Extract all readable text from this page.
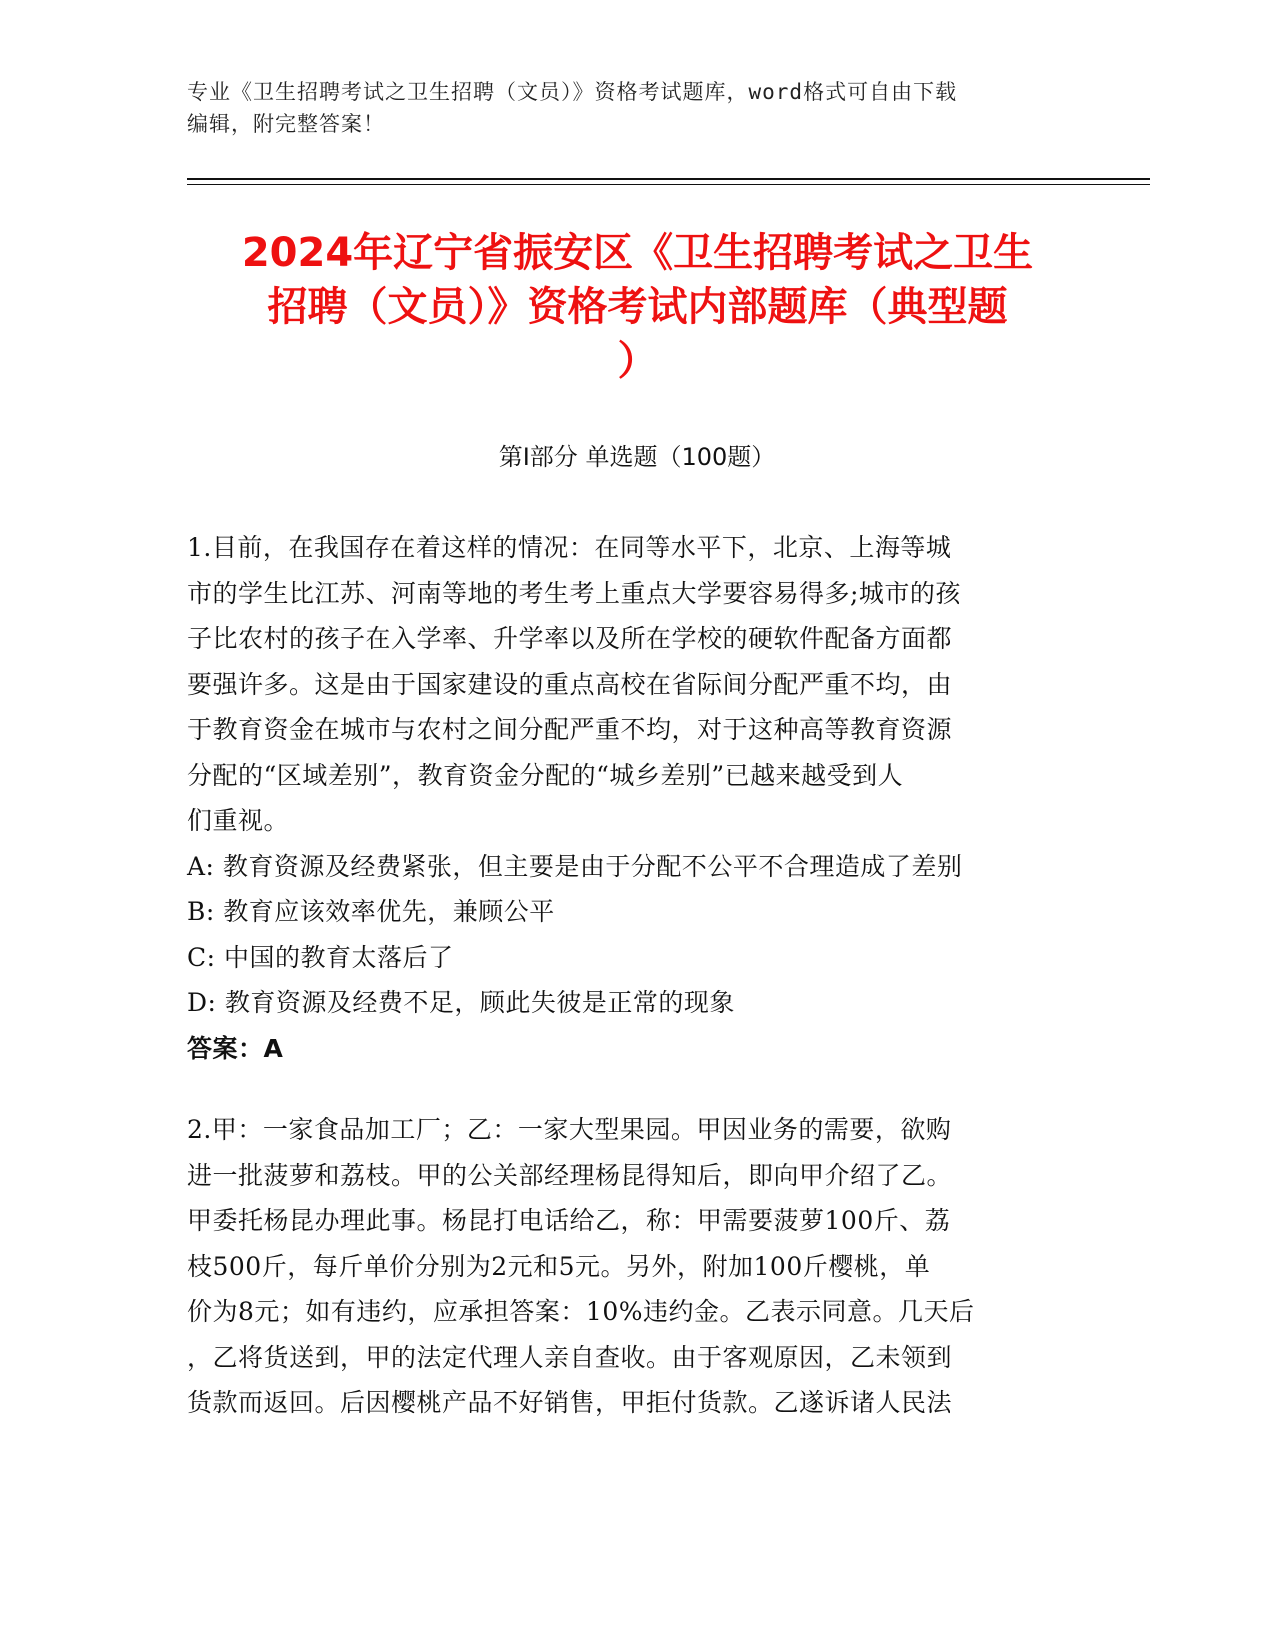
专业《卫生招聘考试之卫生招聘（文员）》资格考试题库，word格式可自由下载
编辑，附完整答案！
2024年辽宁省振安区《卫生招聘考试之卫生
招聘（文员）》资格考试内部题库（典型题
）
第Ⅰ部分 单选题（100题）
1.目前，在我国存在着这样的情况：在同等水平下，北京、上海等城
市的学生比江苏、河南等地的考生考上重点大学要容易得多;城市的孩
子比农村的孩子在入学率、升学率以及所在学校的硬软件配备方面都
要强许多。这是由于国家建设的重点高校在省际间分配严重不均，由
于教育资金在城市与农村之间分配严重不均，对于这种高等教育资源
分配的“区域差别”，教育资金分配的“城乡差别”已越来越受到人
们重视。
A: 教育资源及经费紧张，但主要是由于分配不公平不合理造成了差别
B: 教育应该效率优先，兼顾公平
C: 中国的教育太落后了
D: 教育资源及经费不足，顾此失彼是正常的现象
答案：A
2.甲：一家食品加工厂；乙：一家大型果园。甲因业务的需要，欲购
进一批菠萝和荔枝。甲的公关部经理杨昆得知后，即向甲介绍了乙。
甲委托杨昆办理此事。杨昆打电话给乙，称：甲需要菠萝100斤、荔
枝500斤，每斤单价分别为2元和5元。另外，附加100斤樱桃，单
价为8元；如有违约，应承担答案：10%违约金。乙表示同意。几天后
，乙将货送到，甲的法定代理人亲自查收。由于客观原因，乙未领到
货款而返回。后因樱桃产品不好销售，甲拒付货款。乙遂诉诸人民法
